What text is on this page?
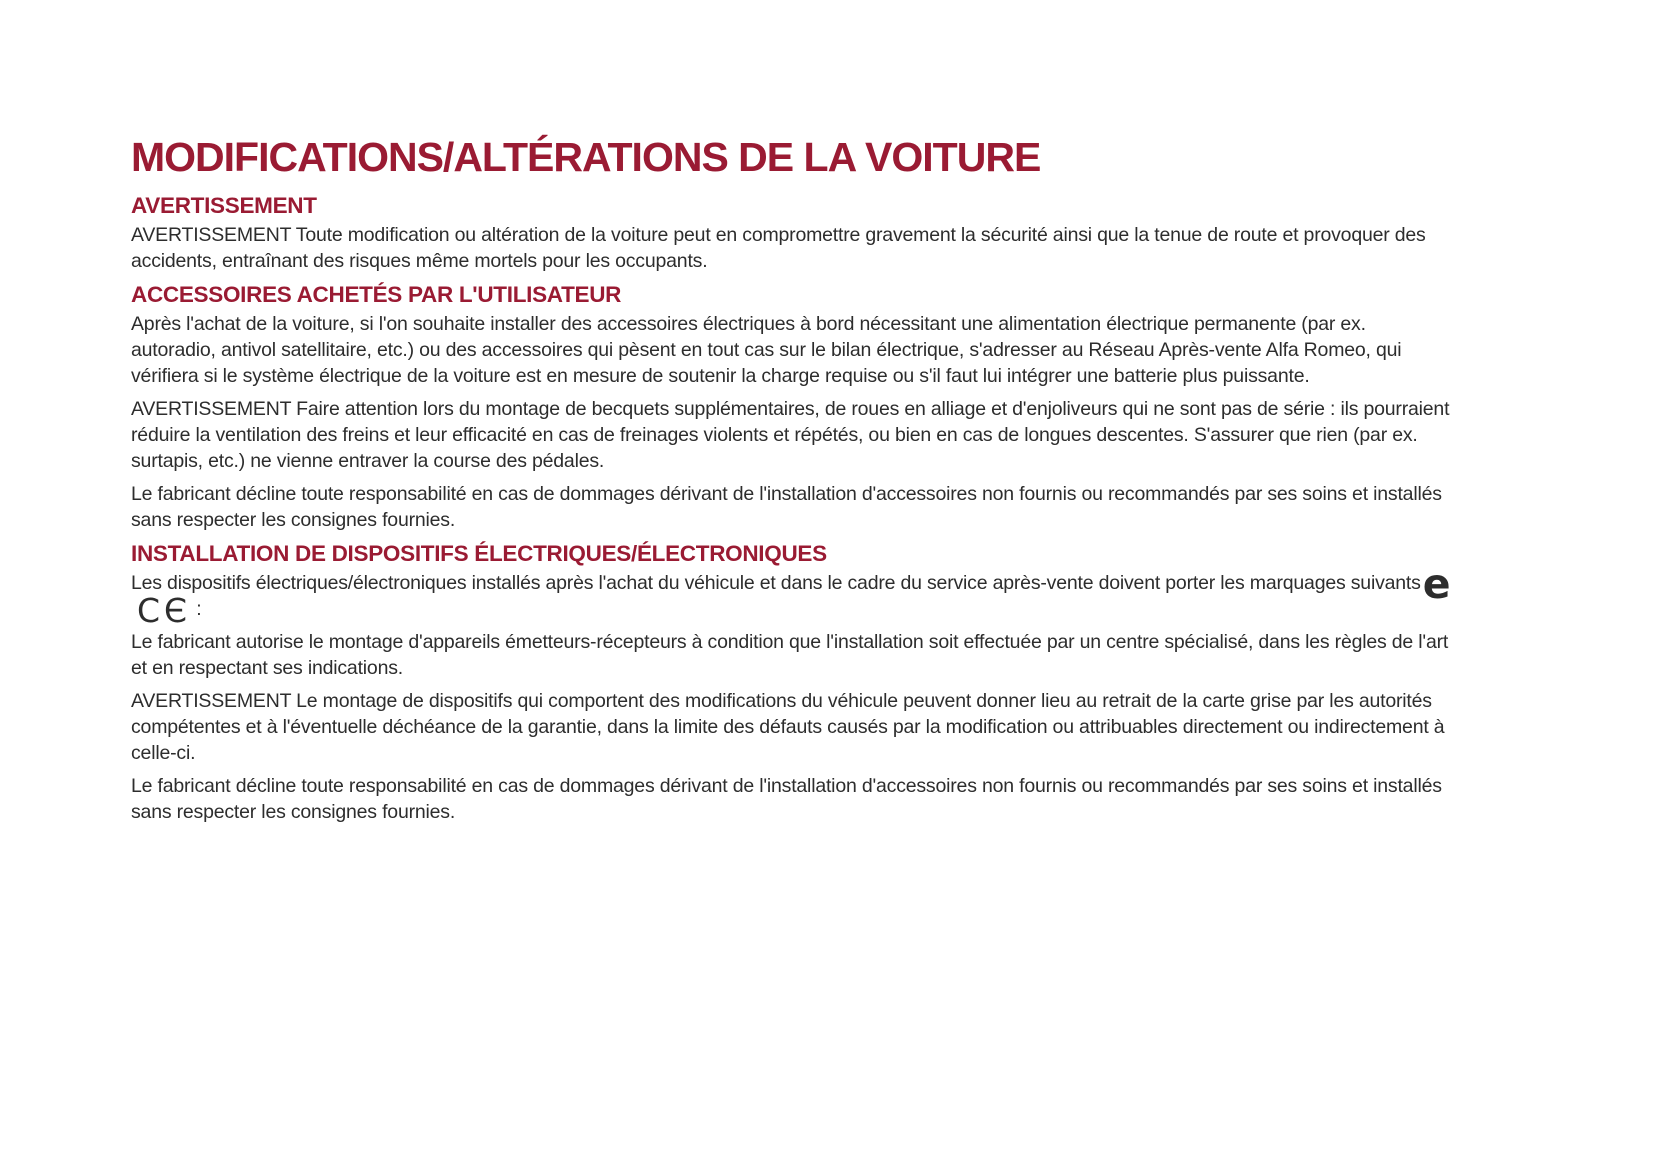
MODIFICATIONS/ALTÉRATIONS DE LA VOITURE
AVERTISSEMENT

AVERTISSEMENT Toute modification ou altération de la voiture peut en compromettre gravement la sécurité ainsi que la tenue de route et provoquer des accidents, entraînant des risques même mortels pour les occupants.

ACCESSOIRES ACHETÉS PAR L'UTILISATEUR

Après l'achat de la voiture, si l'on souhaite installer des accessoires électriques à bord nécessitant une alimentation électrique permanente (par ex. autoradio, antivol satellitaire, etc.) ou des accessoires qui pèsent en tout cas sur le bilan électrique, s'adresser au Réseau Après-vente Alfa Romeo, qui vérifiera si le système électrique de la voiture est en mesure de soutenir la charge requise ou s'il faut lui intégrer une batterie plus puissante.

AVERTISSEMENT Faire attention lors du montage de becquets supplémentaires, de roues en alliage et d'enjoliveurs qui ne sont pas de série : ils pourraient réduire la ventilation des freins et leur efficacité en cas de freinages violents et répétés, ou bien en cas de longues descentes. S'assurer que rien (par ex. surtapis, etc.) ne vienne entraver la course des pédales.

Le fabricant décline toute responsabilité en cas de dommages dérivant de l'installation d'accessoires non fournis ou recommandés par ses soins et installés sans respecter les consignes fournies.

INSTALLATION DE DISPOSITIFS ÉLECTRIQUES/ÉLECTRONIQUES

Les dispositifs électriques/électroniques installés après l'achat du véhicule et dans le cadre du service après-vente doivent porter les marquages suivantseCЄ :

Le fabricant autorise le montage d'appareils émetteurs-récepteurs à condition que l'installation soit effectuée par un centre spécialisé, dans les règles de l'art et en respectant ses indications.

AVERTISSEMENT Le montage de dispositifs qui comportent des modifications du véhicule peuvent donner lieu au retrait de la carte grise par les autorités compétentes et à l'éventuelle déchéance de la garantie, dans la limite des défauts causés par la modification ou attribuables directement ou indirectement à celle-ci.

Le fabricant décline toute responsabilité en cas de dommages dérivant de l'installation d'accessoires non fournis ou recommandés par ses soins et installés sans respecter les consignes fournies.
